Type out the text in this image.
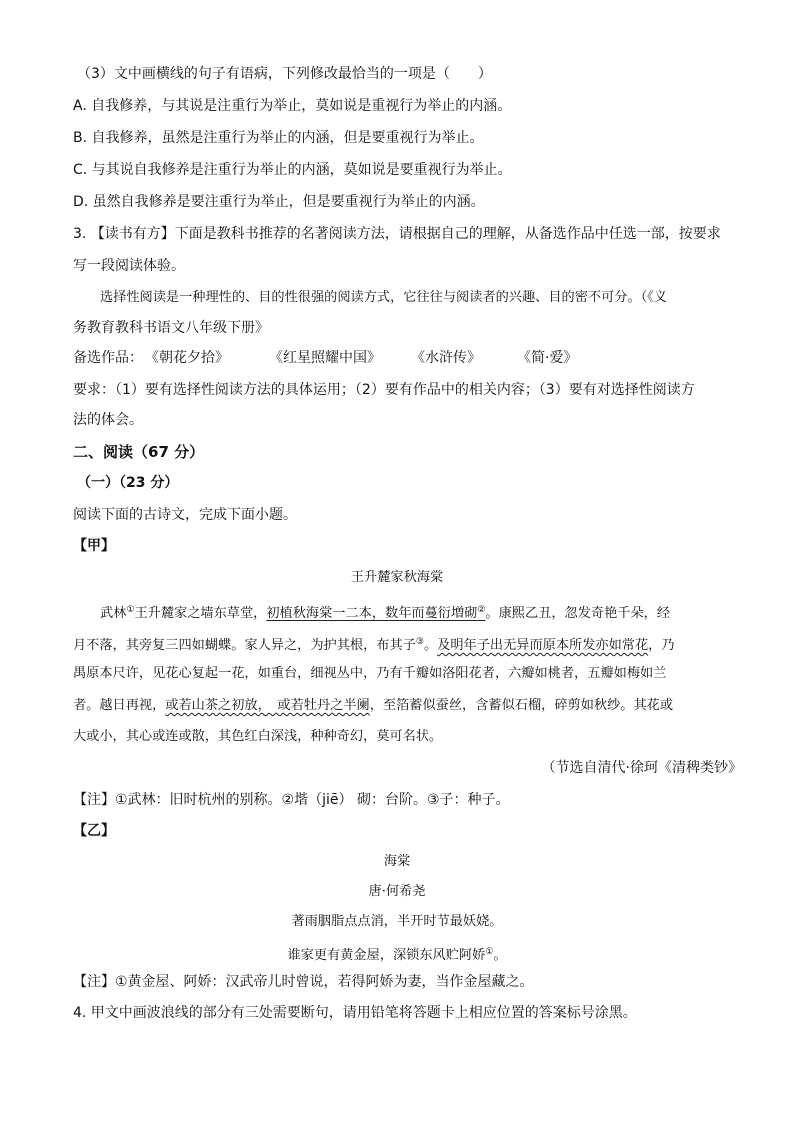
（3）文中画横线的句子有语病，下列修改最恰当的一项是（　　）
A. 自我修养，与其说是注重行为举止，莫如说是重视行为举止的内涵。
B. 自我修养，虽然是注重行为举止的内涵，但是要重视行为举止。
C. 与其说自我修养是注重行为举止的内涵，莫如说是要重视行为举止。
D. 虽然自我修养是要注重行为举止，但是要重视行为举止的内涵。
3. 【读书有方】下面是教科书推荐的名著阅读方法，请根据自己的理解，从备选作品中任选一部，按要求
写一段阅读体验。
选择性阅读是一种理性的、目的性很强的阅读方式，它往往与阅读者的兴趣、目的密不可分。（《义
务教育教科书语文八年级下册》
备选作品： 《朝花夕拾》	《红星照耀中国》 《水浒传》	《简·爱》
要求：（1）要有选择性阅读方法的具体运用；（2）要有作品中的相关内容；（3）要有对选择性阅读方
法的体会。
二、阅读（67 分）
（一）（23 分）
阅读下面的古诗文，完成下面小题。
【甲】
王升麓家秋海棠
武林①王升麓家之墙东草堂，初植秋海棠一二本，数年而蔓衍増砌②。康熙乙丑，忽发奇艳千朵，经
月不落，其旁复三四如蝴蝶。家人异之，为护其根，布其子③。及明年子出无异而原本所发亦如常花，乃
禺原本尺许，见花心复起一花，如重台，细视丛中，乃有千瓣如洛阳花者，六瓣如桃者，五瓣如梅如兰
者。越日再视，或若山茶之初放，　或若牡丹之半阑，至箔蓄似蚕丝，含蓄似石榴，碎剪如秋纱。其花或
大或小，其心或连或散，其色红白深浅，种种奇幻，莫可名状。
（节选自清代·徐珂《清稗类钞》
【注】①武林：旧时杭州的别称。②堦（jiē） 砌：台阶。③子：种子。
【乙】
海棠
唐·何希尧
著雨胭脂点点消，半开时节最妖娆。
谁家更有黄金屋，深锁东风贮阿娇①。
【注】①黄金屋、阿娇：汉武帝儿时曾说，若得阿娇为妻，当作金屋藏之。
4. 甲文中画波浪线的部分有三处需要断句，请用铅笔将答题卡上相应位置的答案标号涂黑。
